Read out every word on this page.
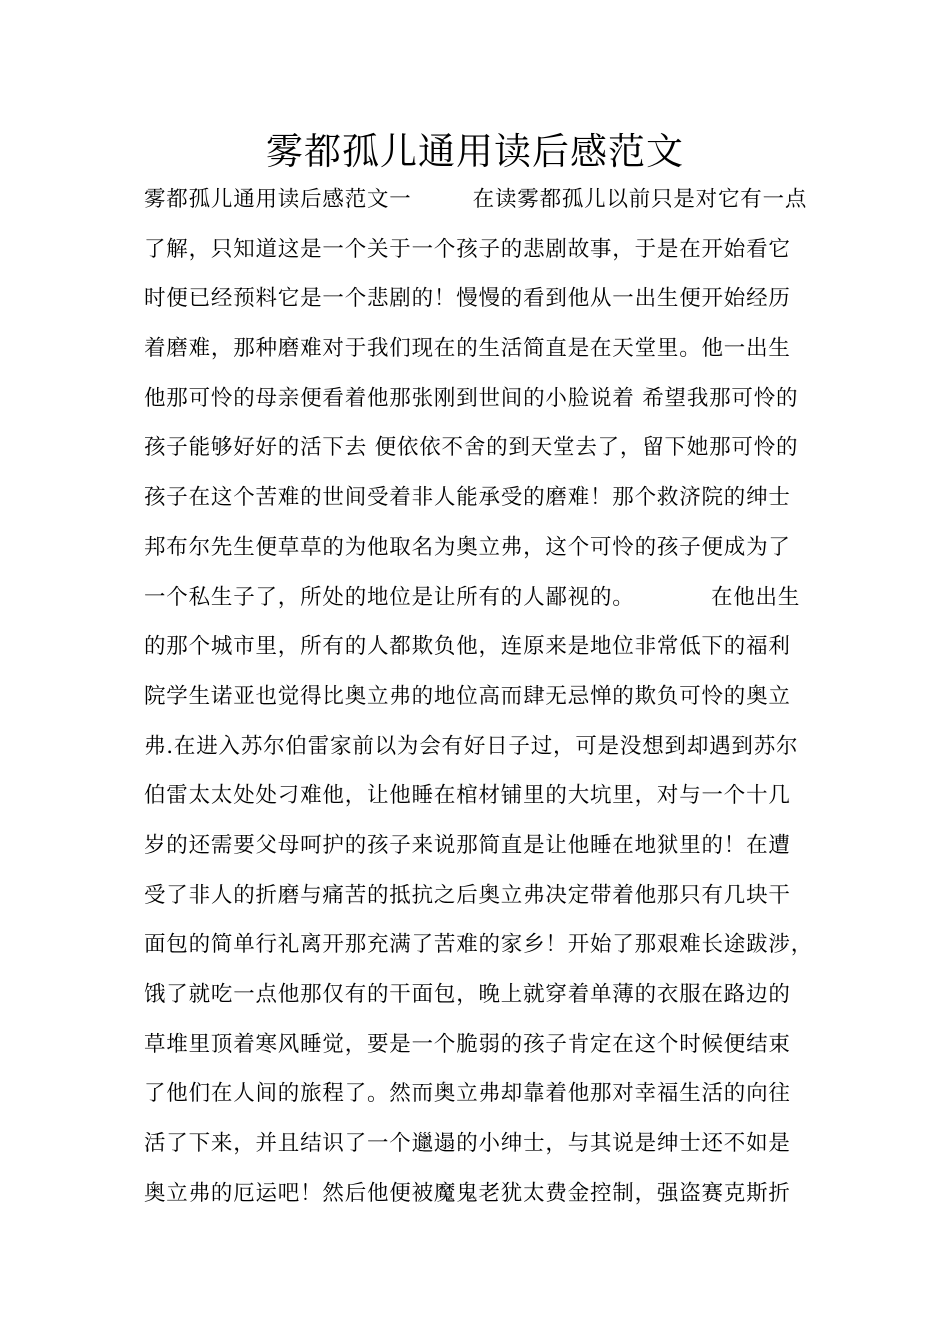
雾都孤儿通用读后感范文
雾都孤儿通用读后感范文一        在读雾都孤儿以前只是对它有一点
了解，只知道这是一个关于一个孩子的悲剧故事，于是在开始看它
时便已经预料它是一个悲剧的！慢慢的看到他从一出生便开始经历
着磨难，那种磨难对于我们现在的生活简直是在天堂里。他一出生
他那可怜的母亲便看着他那张刚到世间的小脸说着 希望我那可怜的
孩子能够好好的活下去 便依依不舍的到天堂去了，留下她那可怜的
孩子在这个苦难的世间受着非人能承受的磨难！那个救济院的绅士
邦布尔先生便草草的为他取名为奥立弗，这个可怜的孩子便成为了
一个私生子了，所处的地位是让所有的人鄙视的。          在他出生
的那个城市里，所有的人都欺负他，连原来是地位非常低下的福利
院学生诺亚也觉得比奥立弗的地位高而肆无忌惮的欺负可怜的奥立
弗.在进入苏尔伯雷家前以为会有好日子过，可是没想到却遇到苏尔
伯雷太太处处刁难他，让他睡在棺材铺里的大坑里，对与一个十几
岁的还需要父母呵护的孩子来说那简直是让他睡在地狱里的！在遭
受了非人的折磨与痛苦的抵抗之后奥立弗决定带着他那只有几块干
面包的简单行礼离开那充满了苦难的家乡！开始了那艰难长途跋涉，
饿了就吃一点他那仅有的干面包，晚上就穿着单薄的衣服在路边的
草堆里顶着寒风睡觉，要是一个脆弱的孩子肯定在这个时候便结束
了他们在人间的旅程了。然而奥立弗却靠着他那对幸福生活的向往
活了下来，并且结识了一个邋遢的小绅士，与其说是绅士还不如是
奥立弗的厄运吧！然后他便被魔鬼老犹太费金控制，强盗赛克斯折
